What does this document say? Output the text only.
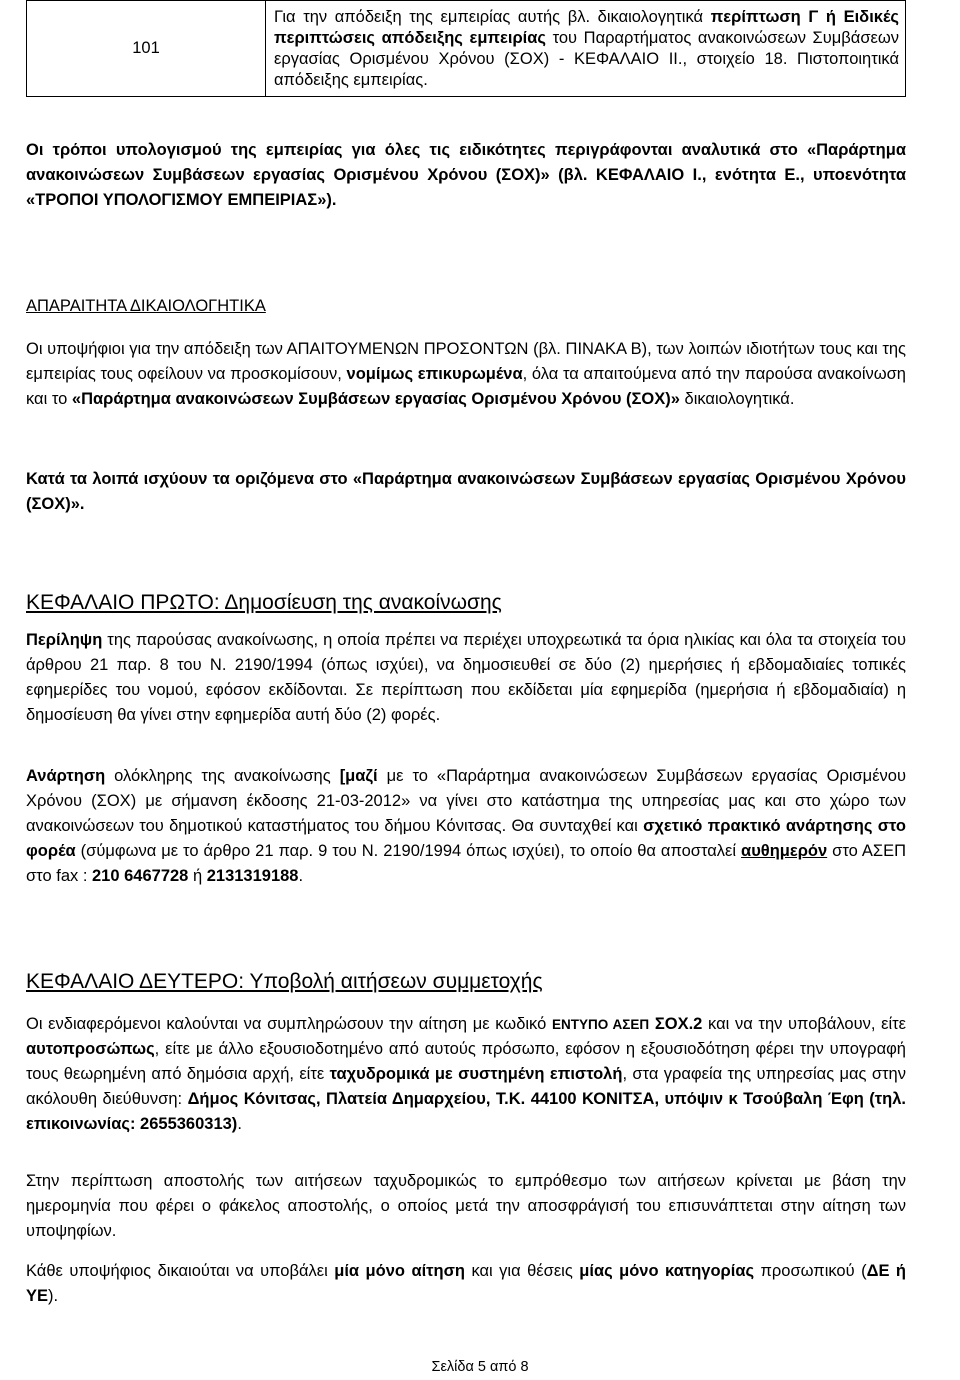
101	Για την απόδειξη της εμπειρίας αυτής βλ. δικαιολογητικά περίπτωση Γ ή Ειδικές περιπτώσεις απόδειξης εμπειρίας του Παραρτήματος ανακοινώσεων Συμβάσεων εργασίας Ορισμένου Χρόνου (ΣΟΧ) - ΚΕΦΑΛΑΙΟ ΙΙ., στοιχείο 18. Πιστοποιητικά απόδειξης εμπειρίας.

Οι τρόποι υπολογισμού της εμπειρίας για όλες τις ειδικότητες περιγράφονται αναλυτικά στο «Παράρτημα ανακοινώσεων Συμβάσεων εργασίας Ορισμένου Χρόνου (ΣΟΧ)» (βλ. ΚΕΦΑΛΑΙΟ Ι., ενότητα Ε., υποενότητα «ΤΡΟΠΟΙ ΥΠΟΛΟΓΙΣΜΟΥ ΕΜΠΕΙΡΙΑΣ»).

ΑΠΑΡΑΙΤΗΤΑ ΔΙΚΑΙΟΛΟΓΗΤΙΚΑ

Οι υποψήφιοι για την απόδειξη των ΑΠΑΙΤΟΥΜΕΝΩΝ ΠΡΟΣΟΝΤΩΝ (βλ. ΠΙΝΑΚΑ Β), των λοιπών ιδιοτήτων τους και της εμπειρίας τους οφείλουν να προσκομίσουν, νομίμως επικυρωμένα, όλα τα απαιτούμενα από την παρούσα ανακοίνωση και το «Παράρτημα ανακοινώσεων Συμβάσεων εργασίας Ορισμένου Χρόνου (ΣΟΧ)» δικαιολογητικά.

Κατά τα λοιπά ισχύουν τα οριζόμενα στο «Παράρτημα ανακοινώσεων Συμβάσεων εργασίας Ορισμένου Χρόνου (ΣΟΧ)».

ΚΕΦΑΛΑΙΟ ΠΡΩΤΟ: Δημοσίευση της ανακοίνωσης

Περίληψη της παρούσας ανακοίνωσης, η οποία πρέπει να περιέχει υποχρεωτικά τα όρια ηλικίας και όλα τα στοιχεία του άρθρου 21 παρ. 8 του Ν. 2190/1994 (όπως ισχύει), να δημοσιευθεί σε δύο (2) ημερήσιες ή εβδομαδιαίες τοπικές εφημερίδες του νομού, εφόσον εκδίδονται. Σε περίπτωση που εκδίδεται μία εφημερίδα (ημερήσια ή εβδομαδιαία) η δημοσίευση θα γίνει στην εφημερίδα αυτή δύο (2) φορές.

Ανάρτηση ολόκληρης της ανακοίνωσης [μαζί με το «Παράρτημα ανακοινώσεων Συμβάσεων εργασίας Ορισμένου Χρόνου (ΣΟΧ) με σήμανση έκδοσης 21-03-2012» να γίνει στο κατάστημα της υπηρεσίας μας και στο χώρο των ανακοινώσεων του δημοτικού καταστήματος του δήμου Κόνιτσας. Θα συνταχθεί και σχετικό πρακτικό ανάρτησης στο φορέα (σύμφωνα με το άρθρο 21 παρ. 9 του Ν. 2190/1994 όπως ισχύει), το οποίο θα αποσταλεί αυθημερόν στο ΑΣΕΠ στο fax : 210 6467728 ή 2131319188.

ΚΕΦΑΛΑΙΟ ΔΕΥΤΕΡΟ: Υποβολή αιτήσεων συμμετοχής

Οι ενδιαφερόμενοι καλούνται να συμπληρώσουν την αίτηση με κωδικό ΕΝΤΥΠΟ ΑΣΕΠ ΣΟΧ.2 και να την υποβάλουν, είτε αυτοπροσώπως, είτε με άλλο εξουσιοδοτημένο από αυτούς πρόσωπο, εφόσον η εξουσιοδότηση φέρει την υπογραφή τους θεωρημένη από δημόσια αρχή, είτε ταχυδρομικά με συστημένη επιστολή, στα γραφεία της υπηρεσίας μας στην ακόλουθη διεύθυνση: Δήμος Κόνιτσας, Πλατεία Δημαρχείου, Τ.Κ. 44100 ΚΟΝΙΤΣΑ, υπόψιν κ Τσούβαλη Έφη (τηλ. επικοινωνίας: 2655360313).

Στην περίπτωση αποστολής των αιτήσεων ταχυδρομικώς το εμπρόθεσμο των αιτήσεων κρίνεται με βάση την ημερομηνία που φέρει ο φάκελος αποστολής, ο οποίος μετά την αποσφράγισή του επισυνάπτεται στην αίτηση των υποψηφίων.

Κάθε υποψήφιος δικαιούται να υποβάλει μία μόνο αίτηση και για θέσεις μίας μόνο κατηγορίας προσωπικού (ΔΕ ή ΥΕ).

Σελίδα 5 από 8
